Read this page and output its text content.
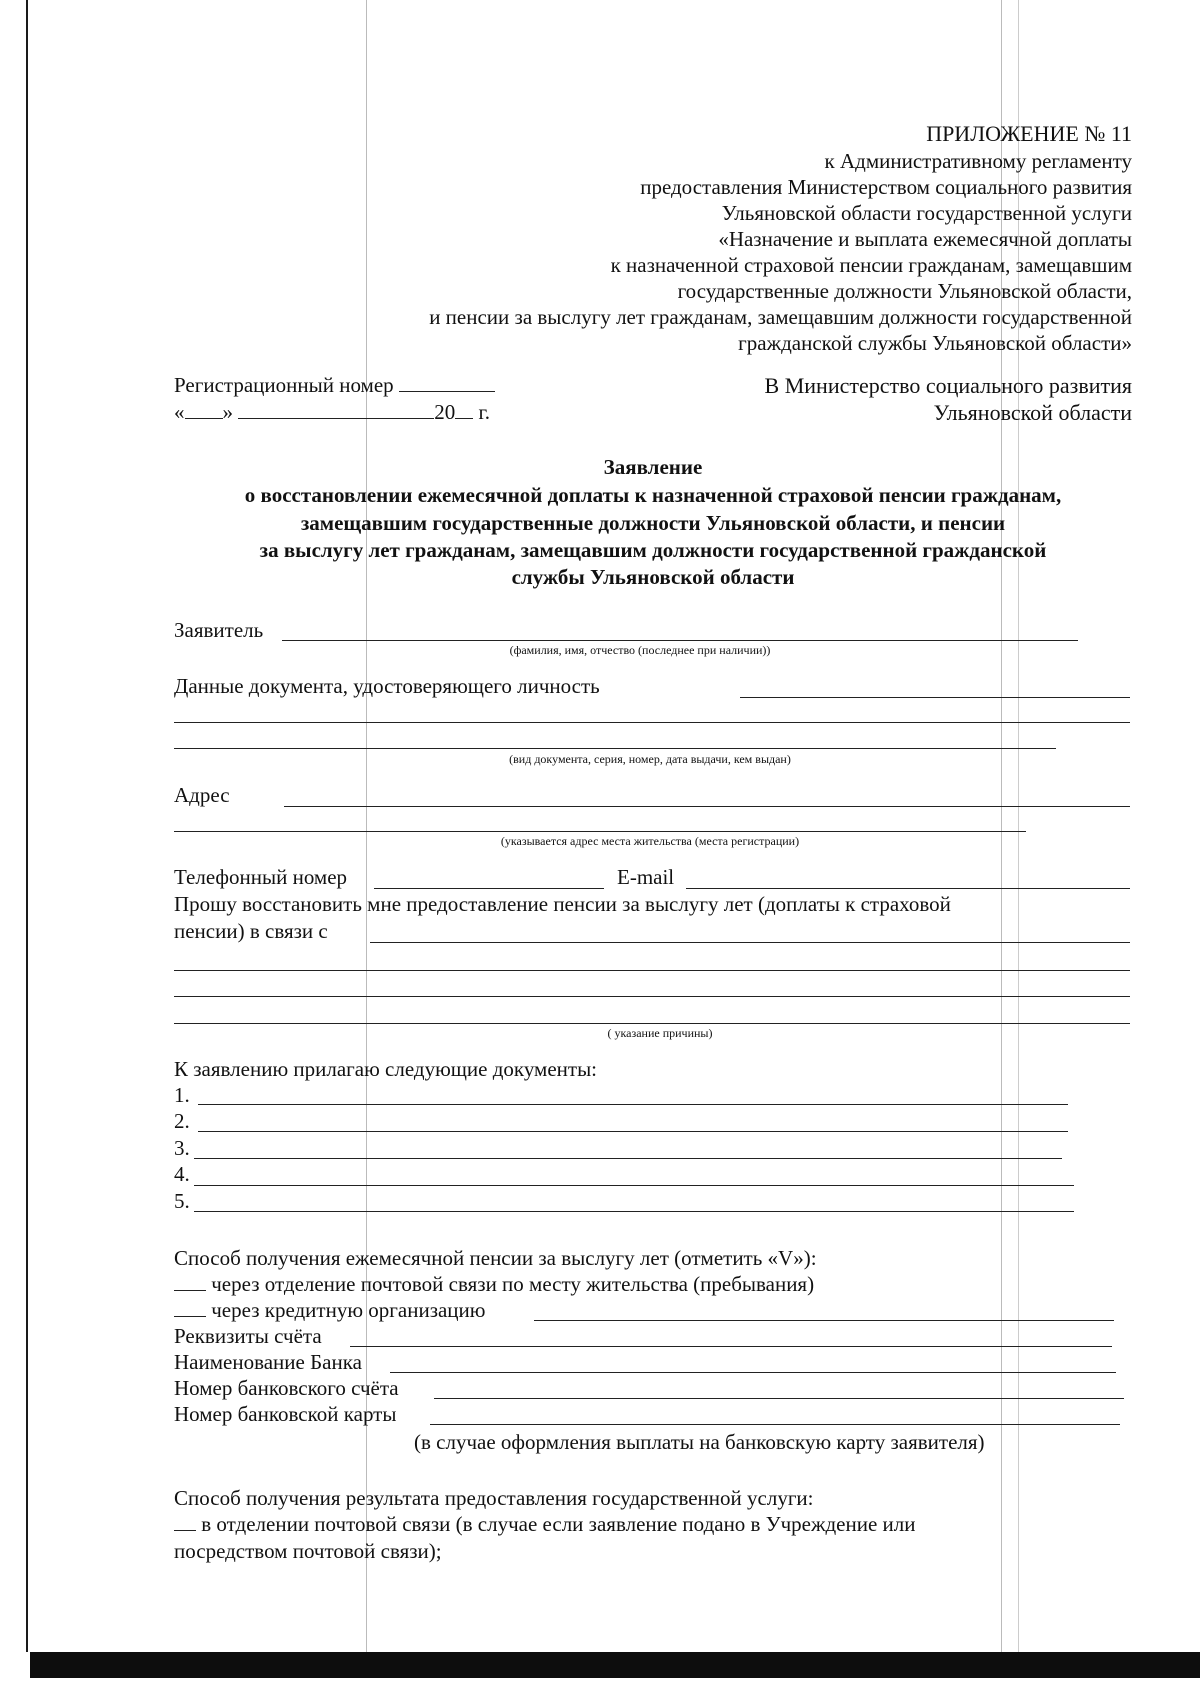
ПРИЛОЖЕНИЕ № 11
к Административному регламенту
предоставления Министерством социального развития
Ульяновской области государственной услуги
«Назначение и выплата ежемесячной доплаты
к назначенной страховой пенсии гражданам, замещавшим
государственные должности Ульяновской области,
и пенсии за выслугу лет гражданам, замещавшим должности государственной
гражданской службы Ульяновской области»
Регистрационный номер
« »	20 г.
В Министерство социального развития
Ульяновской области
Заявление
о восстановлении ежемесячной доплаты к назначенной страховой пенсии гражданам,
замещавшим государственные должности Ульяновской области, и пенсии
за выслугу лет гражданам, замещавшим должности государственной гражданской
службы Ульяновской области
Заявитель
(фамилия, имя, отчество (последнее при наличии))
Данные документа, удостоверяющего личность
(вид документа, серия, номер, дата выдачи, кем выдан)
Адрес
(указывается адрес места жительства (места регистрации)
Телефонный номер	E-mail
Прошу восстановить мне предоставление пенсии за выслугу лет (доплаты к страховой
пенсии) в связи с
( указание причины)
К заявлению прилагаю следующие документы:
1.
2.
3.
4.
5.
Способ получения ежемесячной пенсии за выслугу лет (отметить «V»):
через отделение почтовой связи по месту жительства (пребывания)
через кредитную организацию
Реквизиты счёта
Наименование Банка
Номер банковского счёта
Номер банковской карты
(в случае оформления выплаты на банковскую карту заявителя)
Способ получения результата предоставления государственной услуги:
в отделении почтовой связи (в случае если заявление подано в Учреждение или
посредством почтовой связи);
